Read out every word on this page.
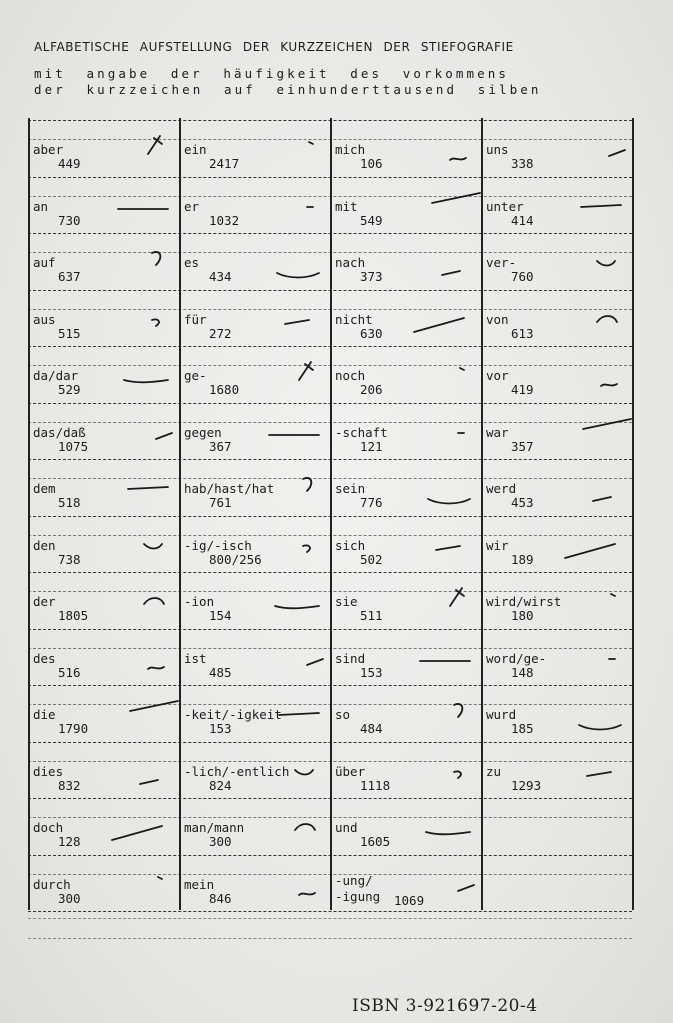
ALFABETISCHE AUFSTELLUNG DER KURZZEICHEN DER STIEFOGRAFIE
mit angabe der häufigkeit des vorkommens
der kurzzeichen auf einhunderttausend silben
aber
449
an
730
auf
637
aus
515
da/dar
529
das/daß
1075
dem
518
den
738
der
1805
des
516
die
1790
dies
832
doch
128
durch
300
ein
2417
er
1032
es
434
für
272
ge-
1680
gegen
367
hab/hast/hat
761
-ig/-isch
800/256
-ion
154
ist
485
-keit/-igkeit
153
-lich/-entlich
824
man/mann
300
mein
846
mich
106
mit
549
nach
373
nicht
630
noch
206
-schaft
121
sein
776
sich
502
sie
511
sind
153
so
484
über
1118
und
1605
-ung/
-igung 1069
uns
338
unter
414
ver-
760
von
613
vor
419
war
357
werd
453
wir
189
wird/wirst
180
word/ge-
148
wurd
185
zu
1293
ISBN 3-921697-20-4
